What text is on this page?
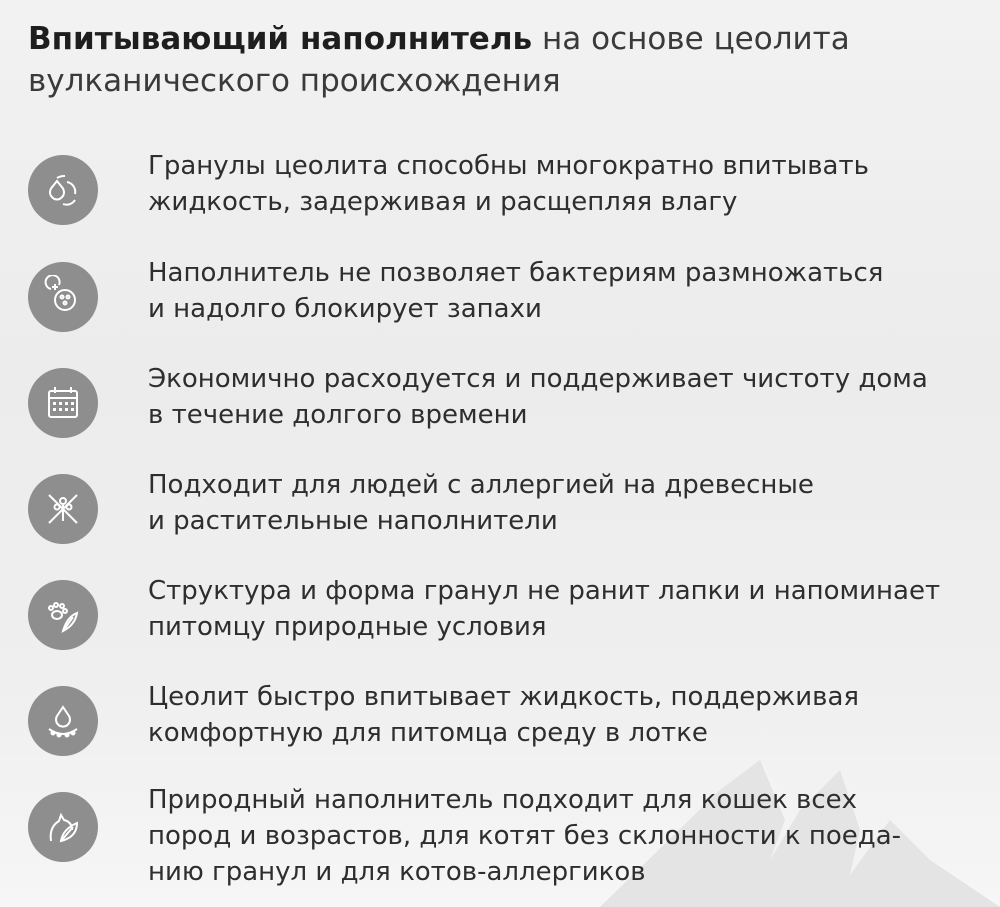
Впитывающий наполнитель на основе цеолита вулканического происхождения
Гранулы цеолита способны многократно впитывать
жидкость, задерживая и расщепляя влагу
Наполнитель не позволяет бактериям размножаться
и надолго блокирует запахи
Экономично расходуется и поддерживает чистоту дома
в течение долгого времени
Подходит для людей с аллергией на древесные
и растительные наполнители
Структура и форма гранул не ранит лапки и напоминает
питомцу природные условия
Цеолит быстро впитывает жидкость, поддерживая
комфортную для питомца среду в лотке
Природный наполнитель подходит для кошек всех
пород и возрастов, для котят без склонности к поеда-
нию гранул и для котов-аллергиков
